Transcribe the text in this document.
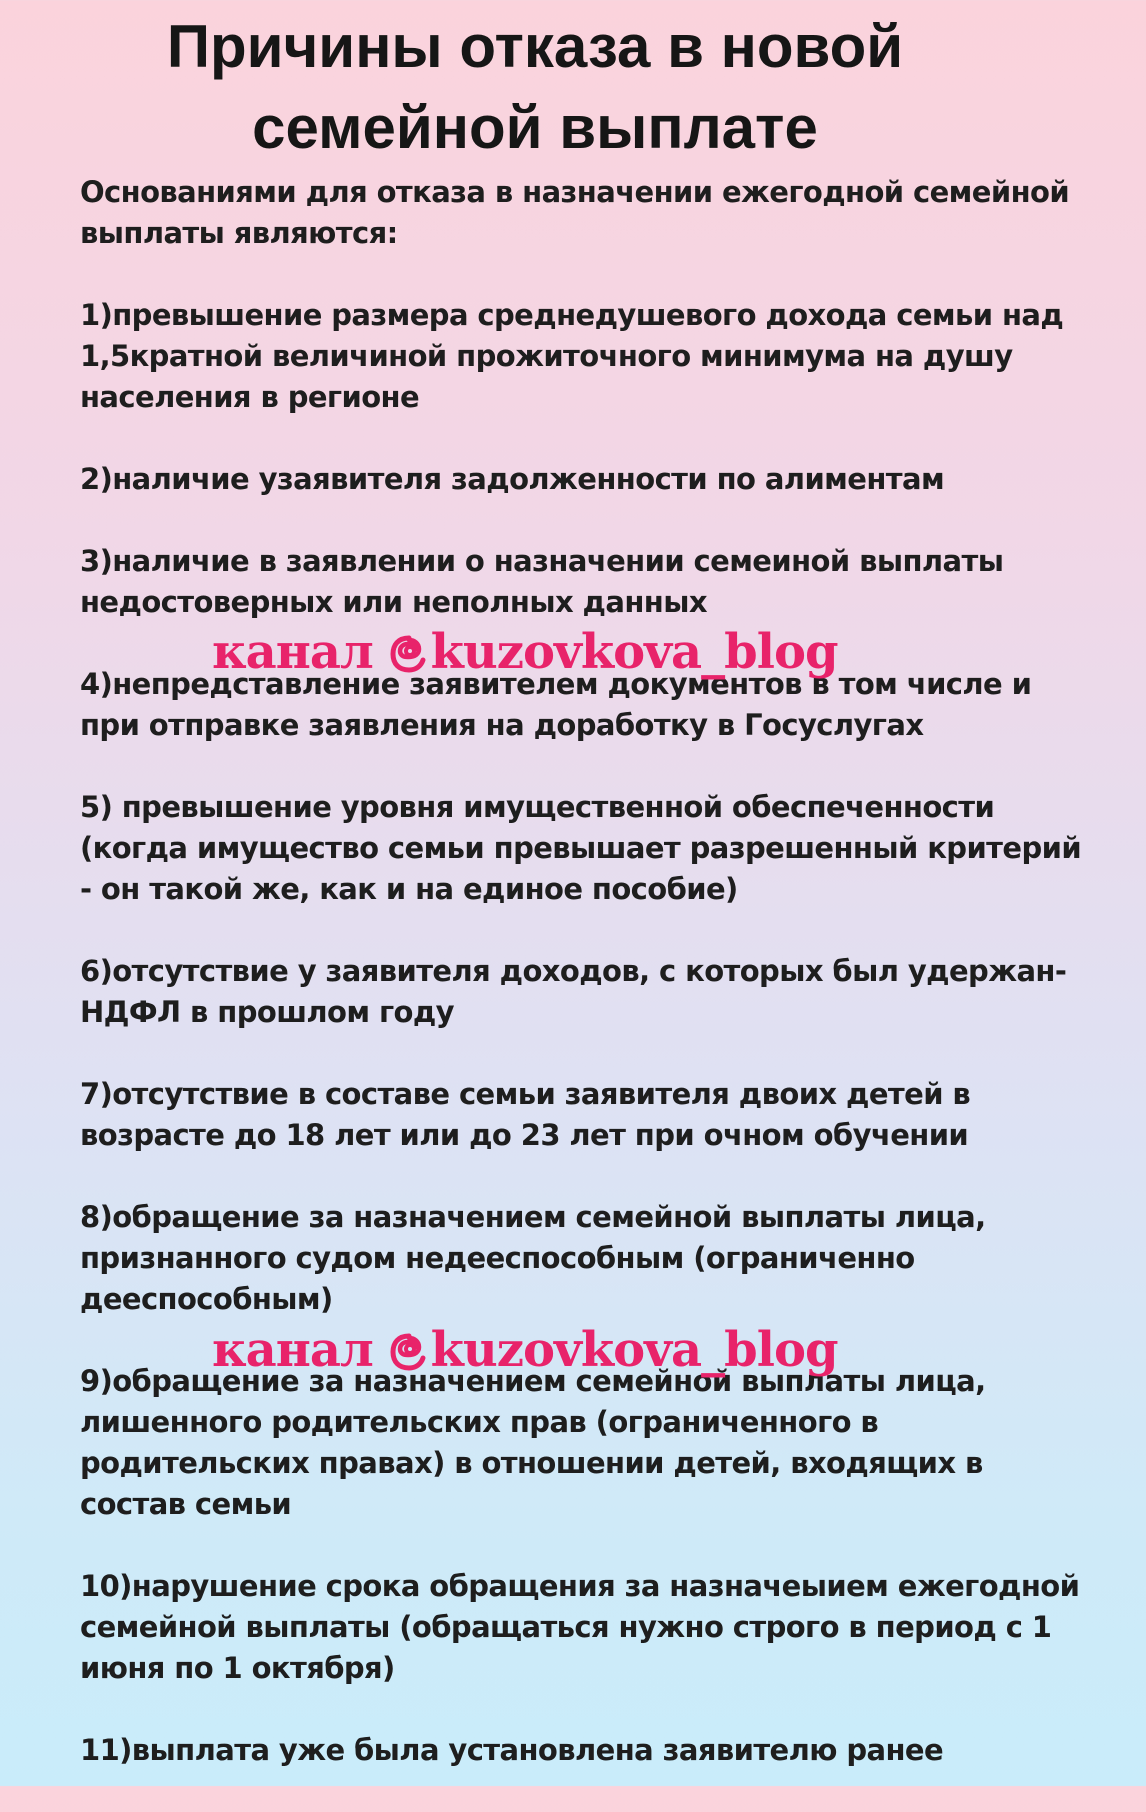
Причины отказа в новой
семейной выплате

Основаниями для отказа в назначении ежегодной семейной выплаты являются:

1)превышение размера среднедушевого дохода семьи над 1,5кратной величиной прожиточного минимума на душу населения в регионе

2)наличие узаявителя задолженности по алиментам

3)наличие в заявлении о назначении семеиной выплаты недостоверных или неполных данных

4)непредставление заявителем документов в том числе и при отправке заявления на доработку в Госуслугах

5) превышение уровня имущественной обеспеченности (когда имущество семьи превышает разрешенный критерий - он такой же, как и на единое пособие)

6)отсутствие у заявителя доходов, с которых был удержан-НДФЛ в прошлом году

7)отсутствие в составе семьи заявителя двоих детей в возрасте до 18 лет или до 23 лет при очном обучении

8)обращение за назначением семейной выплаты лица, признанного судом недееспособным (ограниченно дееспособным)

9)обращение за назначением семейной выплаты лица, лишенного родительских прав (ограниченного в родительских правах) в отношении детей, входящих в состав семьи

10)нарушение срока обращения за назначеыием ежегодной семейной выплаты (обращаться нужно строго в период с 1 июня по 1 октября)

11)выплата уже была установлена заявителю ранее

канал kuzovkova_blog
канал kuzovkova_blog
